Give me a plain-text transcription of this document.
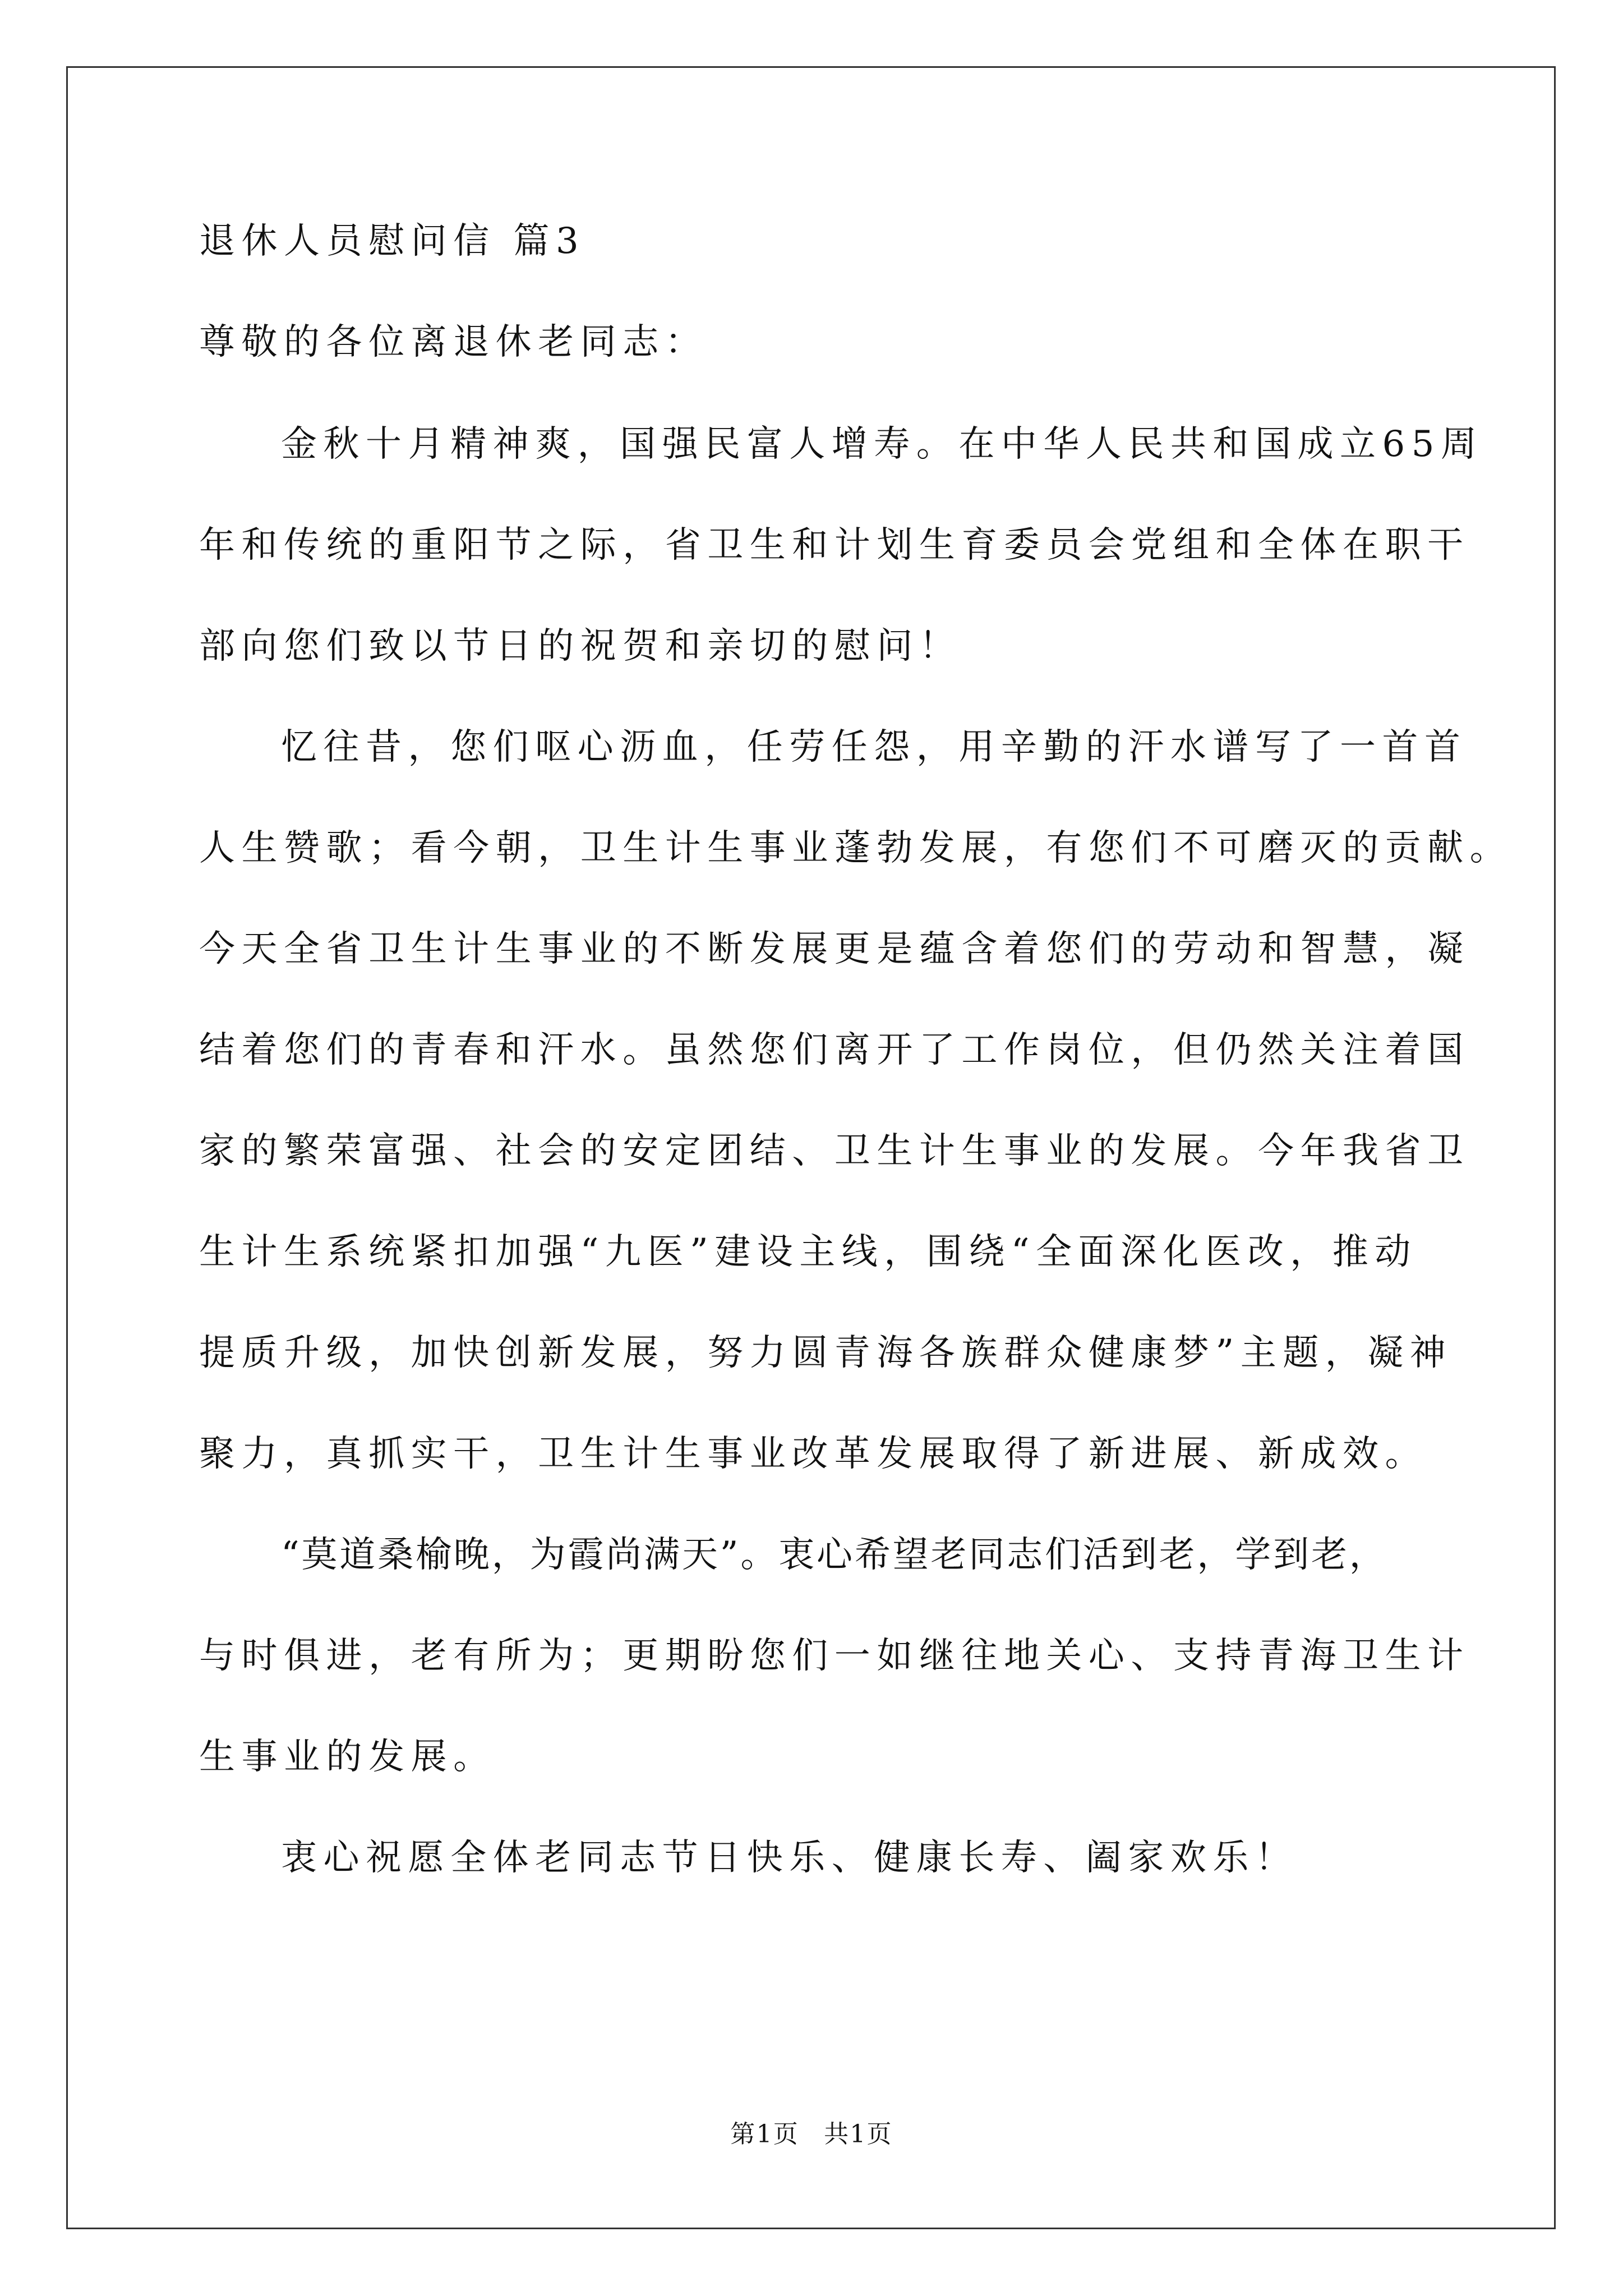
退休人员慰问信 篇3
尊敬的各位离退休老同志：
金秋十月精神爽，国强民富人增寿。在中华人民共和国成立65周
年和传统的重阳节之际，省卫生和计划生育委员会党组和全体在职干
部向您们致以节日的祝贺和亲切的慰问！
忆往昔，您们呕心沥血，任劳任怨，用辛勤的汗水谱写了一首首
人生赞歌；看今朝，卫生计生事业蓬勃发展，有您们不可磨灭的贡献。
今天全省卫生计生事业的不断发展更是蕴含着您们的劳动和智慧，凝
结着您们的青春和汗水。虽然您们离开了工作岗位，但仍然关注着国
家的繁荣富强、社会的安定团结、卫生计生事业的发展。今年我省卫
生计生系统紧扣加强“九医”建设主线，围绕“全面深化医改，推动
提质升级，加快创新发展，努力圆青海各族群众健康梦”主题，凝神
聚力，真抓实干，卫生计生事业改革发展取得了新进展、新成效。
“莫道桑榆晚，为霞尚满天”。衷心希望老同志们活到老，学到老，
与时俱进，老有所为；更期盼您们一如继往地关心、支持青海卫生计
生事业的发展。
衷心祝愿全体老同志节日快乐、健康长寿、阖家欢乐！
第1页 共1页
